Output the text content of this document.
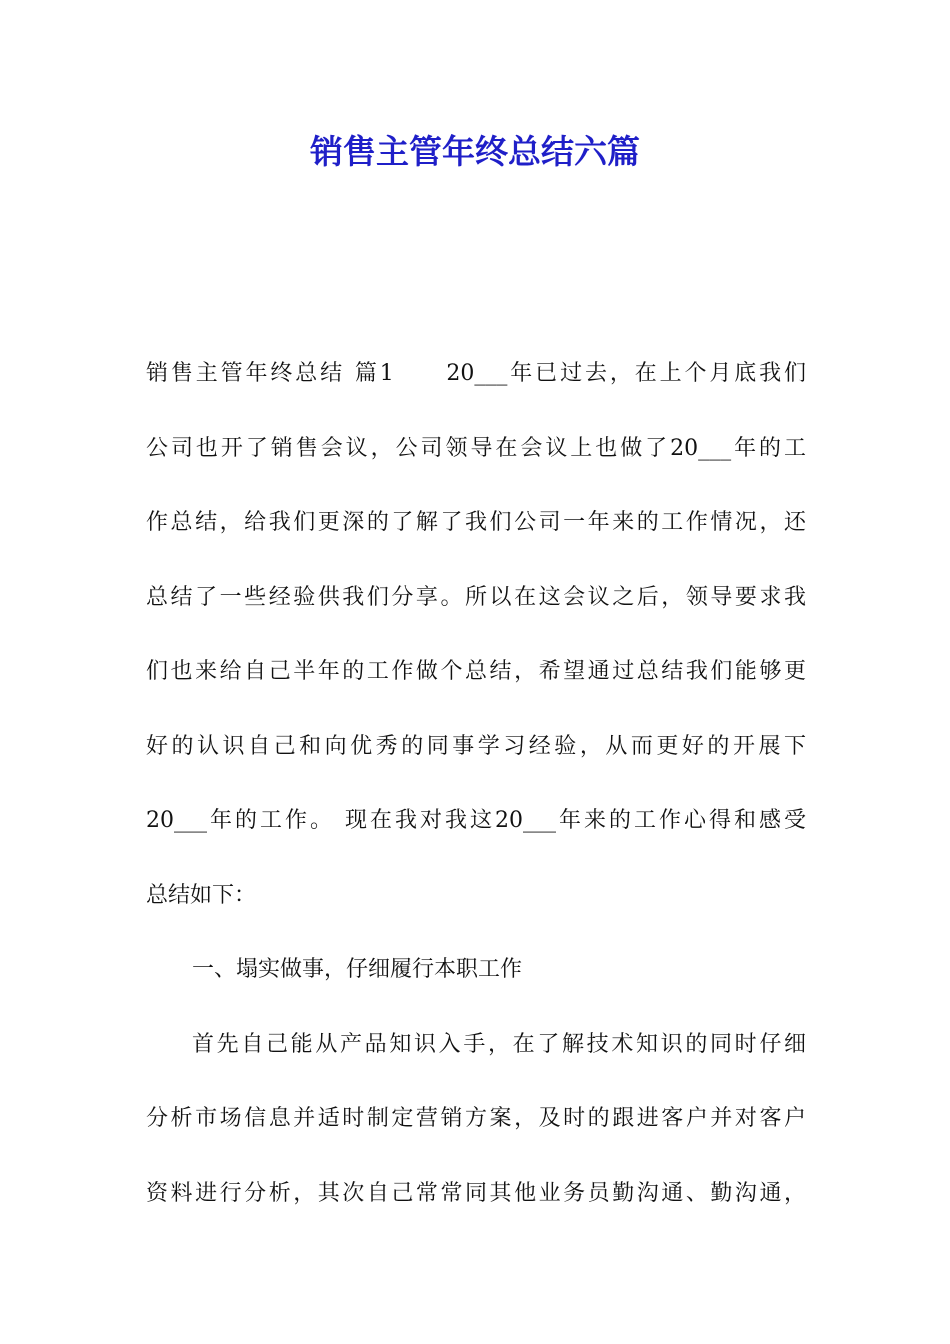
销售主管年终总结六篇
销售主管年终总结 篇1　　20___年已过去，在上个月底我们
公司也开了销售会议，公司领导在会议上也做了20___年的工
作总结，给我们更深的了解了我们公司一年来的工作情况，还
总结了一些经验供我们分享。所以在这会议之后，领导要求我
们也来给自己半年的工作做个总结，希望通过总结我们能够更
好的认识自己和向优秀的同事学习经验，从而更好的开展下
20___年的工作。 现在我对我这20___年来的工作心得和感受
总结如下：
一、塌实做事，仔细履行本职工作
首先自己能从产品知识入手，在了解技术知识的同时仔细
分析市场信息并适时制定营销方案，及时的跟进客户并对客户
资料进行分析，其次自己常常同其他业务员勤沟通、勤沟通，
